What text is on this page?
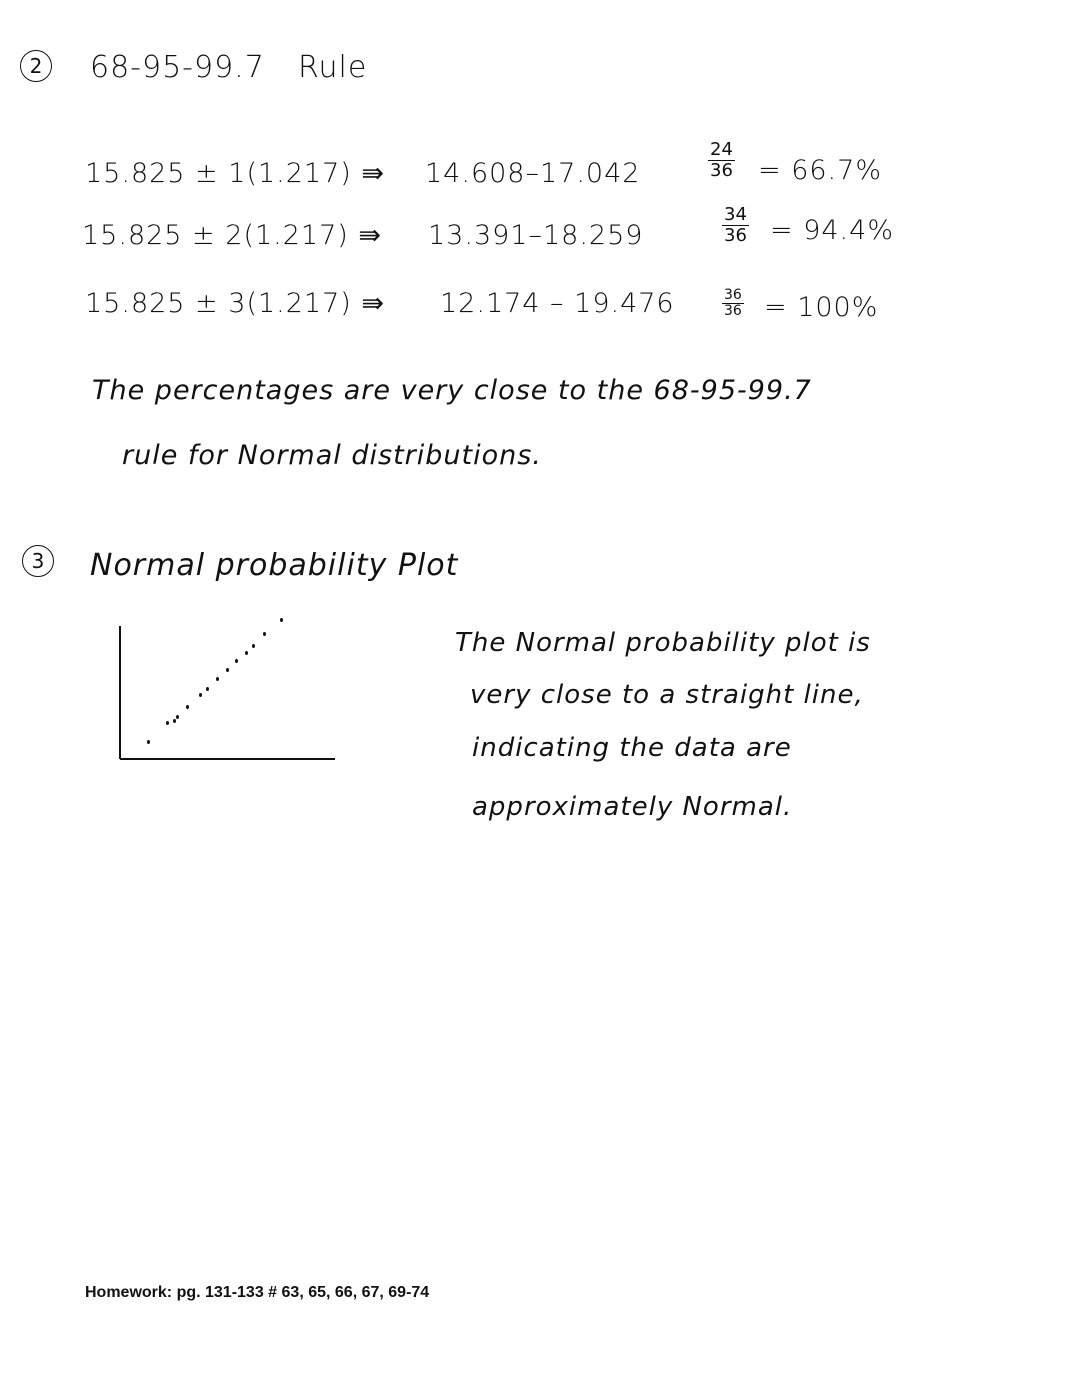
2	68-95-99.7 Rule
15.825 ± 1(1.217) ⇛ 14.608–17.042	$\frac{24}{36} = 66.7\%$
15.825 ± 2(1.217) ⇛ 13.391–18.259	$\frac{34}{36} = 94.4\%$
15.825 ± 3(1.217) ⇛ 12.174 – 19.476	$\frac{36}{36} = 100\%$
The percentages are very close to the 68-95-99.7
rule for Normal distributions.
3	Normal probability Plot
The Normal probability plot is
very close to a straight line,
indicating the data are
approximately Normal.
Homework: pg. 131-133 # 63, 65, 66, 67, 69-74
